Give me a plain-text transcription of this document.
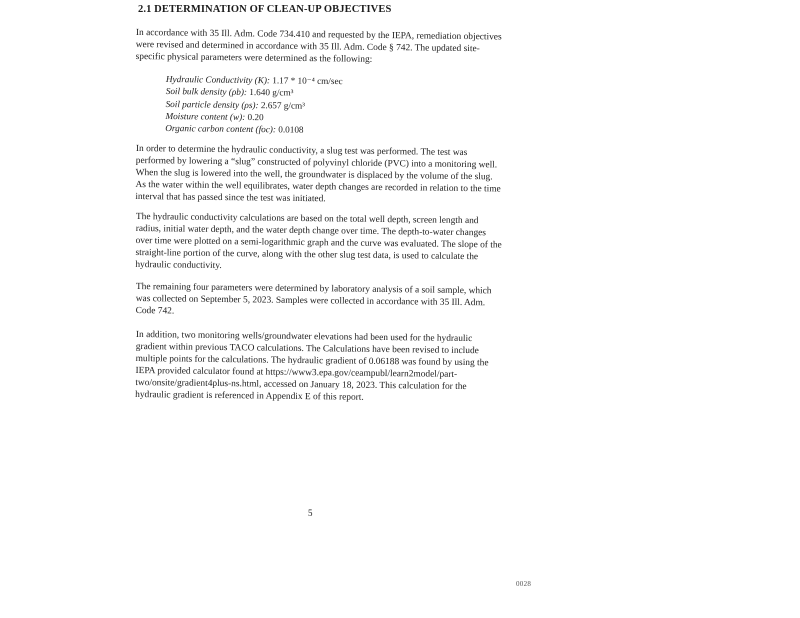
2.1 DETERMINATION OF CLEAN-UP OBJECTIVES
In accordance with 35 Ill. Adm. Code 734.410 and requested by the IEPA, remediation objectives were revised and determined in accordance with 35 Ill. Adm. Code § 742. The updated site-specific physical parameters were determined as the following:
Hydraulic Conductivity (K): 1.17 * 10⁻⁴ cm/sec
Soil bulk density (ρb): 1.640 g/cm³
Soil particle density (ρs): 2.657 g/cm³
Moisture content (w): 0.20
Organic carbon content (foc): 0.0108
In order to determine the hydraulic conductivity, a slug test was performed. The test was performed by lowering a “slug” constructed of polyvinyl chloride (PVC) into a monitoring well. When the slug is lowered into the well, the groundwater is displaced by the volume of the slug. As the water within the well equilibrates, water depth changes are recorded in relation to the time interval that has passed since the test was initiated.
The hydraulic conductivity calculations are based on the total well depth, screen length and radius, initial water depth, and the water depth change over time. The depth-to-water changes over time were plotted on a semi-logarithmic graph and the curve was evaluated. The slope of the straight-line portion of the curve, along with the other slug test data, is used to calculate the hydraulic conductivity.
The remaining four parameters were determined by laboratory analysis of a soil sample, which was collected on September 5, 2023. Samples were collected in accordance with 35 Ill. Adm. Code 742.
In addition, two monitoring wells/groundwater elevations had been used for the hydraulic gradient within previous TACO calculations. The Calculations have been revised to include multiple points for the calculations. The hydraulic gradient of 0.06188 was found by using the IEPA provided calculator found at https://www3.epa.gov/ceampubl/learn2model/part-two/onsite/gradient4plus-ns.html, accessed on January 18, 2023. This calculation for the hydraulic gradient is referenced in Appendix E of this report.
5
0028
